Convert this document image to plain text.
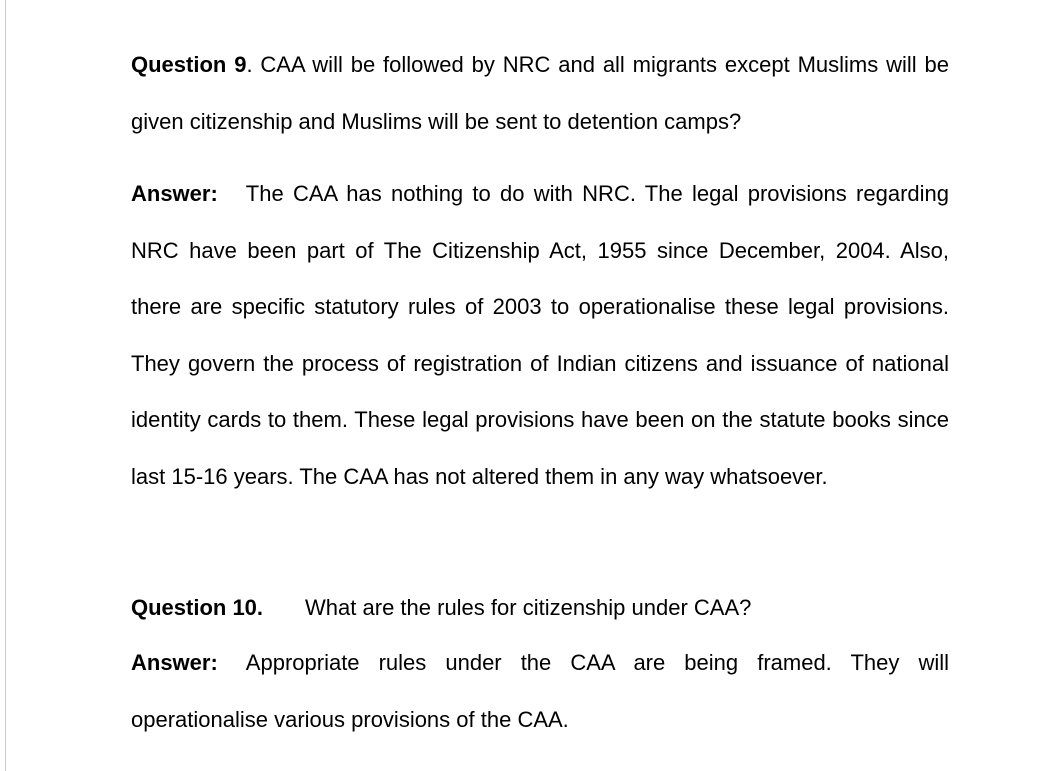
Question 9. CAA will be followed by NRC and all migrants except Muslims will be given citizenship and Muslims will be sent to detention camps?

Answer: The CAA has nothing to do with NRC. The legal provisions regarding NRC have been part of The Citizenship Act, 1955 since December, 2004. Also, there are specific statutory rules of 2003 to operationalise these legal provisions. They govern the process of registration of Indian citizens and issuance of national identity cards to them. These legal provisions have been on the statute books since last 15-16 years. The CAA has not altered them in any way whatsoever.

Question 10. What are the rules for citizenship under CAA?

Answer: Appropriate rules under the CAA are being framed. They will operationalise various provisions of the CAA.
